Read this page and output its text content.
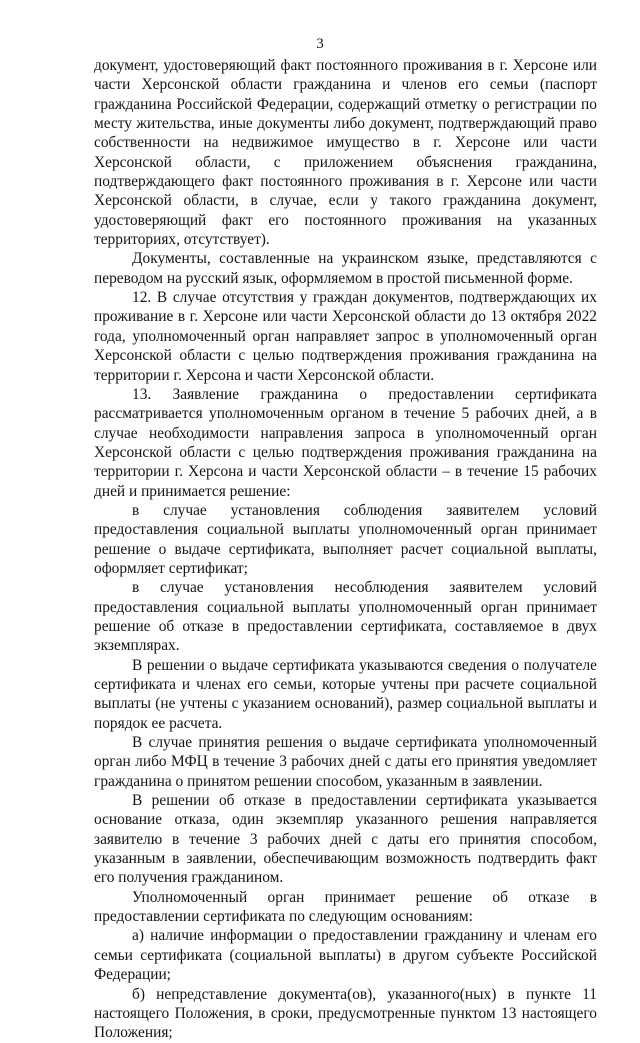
3

документ, удостоверяющий факт постоянного проживания в г. Херсоне или части Херсонской области гражданина и членов его семьи (паспорт гражданина Российской Федерации, содержащий отметку о регистрации по месту жительства, иные документы либо документ, подтверждающий право собственности на недвижимое имущество в г. Херсоне или части Херсонской области, с приложением объяснения гражданина, подтверждающего факт постоянного проживания в г. Херсоне или части Херсонской области, в случае, если у такого гражданина документ, удостоверяющий факт его постоянного проживания на указанных территориях, отсутствует).

Документы, составленные на украинском языке, представляются с переводом на русский язык, оформляемом в простой письменной форме.

12. В случае отсутствия у граждан документов, подтверждающих их проживание в г. Херсоне или части Херсонской области до 13 октября 2022 года, уполномоченный орган направляет запрос в уполномоченный орган Херсонской области с целью подтверждения проживания гражданина на территории г. Херсона и части Херсонской области.

13. Заявление гражданина о предоставлении сертификата рассматривается уполномоченным органом в течение 5 рабочих дней, а в случае необходимости направления запроса в уполномоченный орган Херсонской области с целью подтверждения проживания гражданина на территории г. Херсона и части Херсонской области – в течение 15 рабочих дней и принимается решение:

в случае установления соблюдения заявителем условий предоставления социальной выплаты уполномоченный орган принимает решение о выдаче сертификата, выполняет расчет социальной выплаты, оформляет сертификат;

в случае установления несоблюдения заявителем условий предоставления социальной выплаты уполномоченный орган принимает решение об отказе в предоставлении сертификата, составляемое в двух экземплярах.

В решении о выдаче сертификата указываются сведения о получателе сертификата и членах его семьи, которые учтены при расчете социальной выплаты (не учтены с указанием оснований), размер социальной выплаты и порядок ее расчета.

В случае принятия решения о выдаче сертификата уполномоченный орган либо МФЦ в течение 3 рабочих дней с даты его принятия уведомляет гражданина о принятом решении способом, указанным в заявлении.

В решении об отказе в предоставлении сертификата указывается основание отказа, один экземпляр указанного решения направляется заявителю в течение 3 рабочих дней с даты его принятия способом, указанным в заявлении, обеспечивающим возможность подтвердить факт его получения гражданином.

Уполномоченный орган принимает решение об отказе в предоставлении сертификата по следующим основаниям:

а) наличие информации о предоставлении гражданину и членам его семьи сертификата (социальной выплаты) в другом субъекте Российской Федерации;

б) непредставление документа(ов), указанного(ных) в пункте 11 настоящего Положения, в сроки, предусмотренные пунктом 13 настоящего Положения;
